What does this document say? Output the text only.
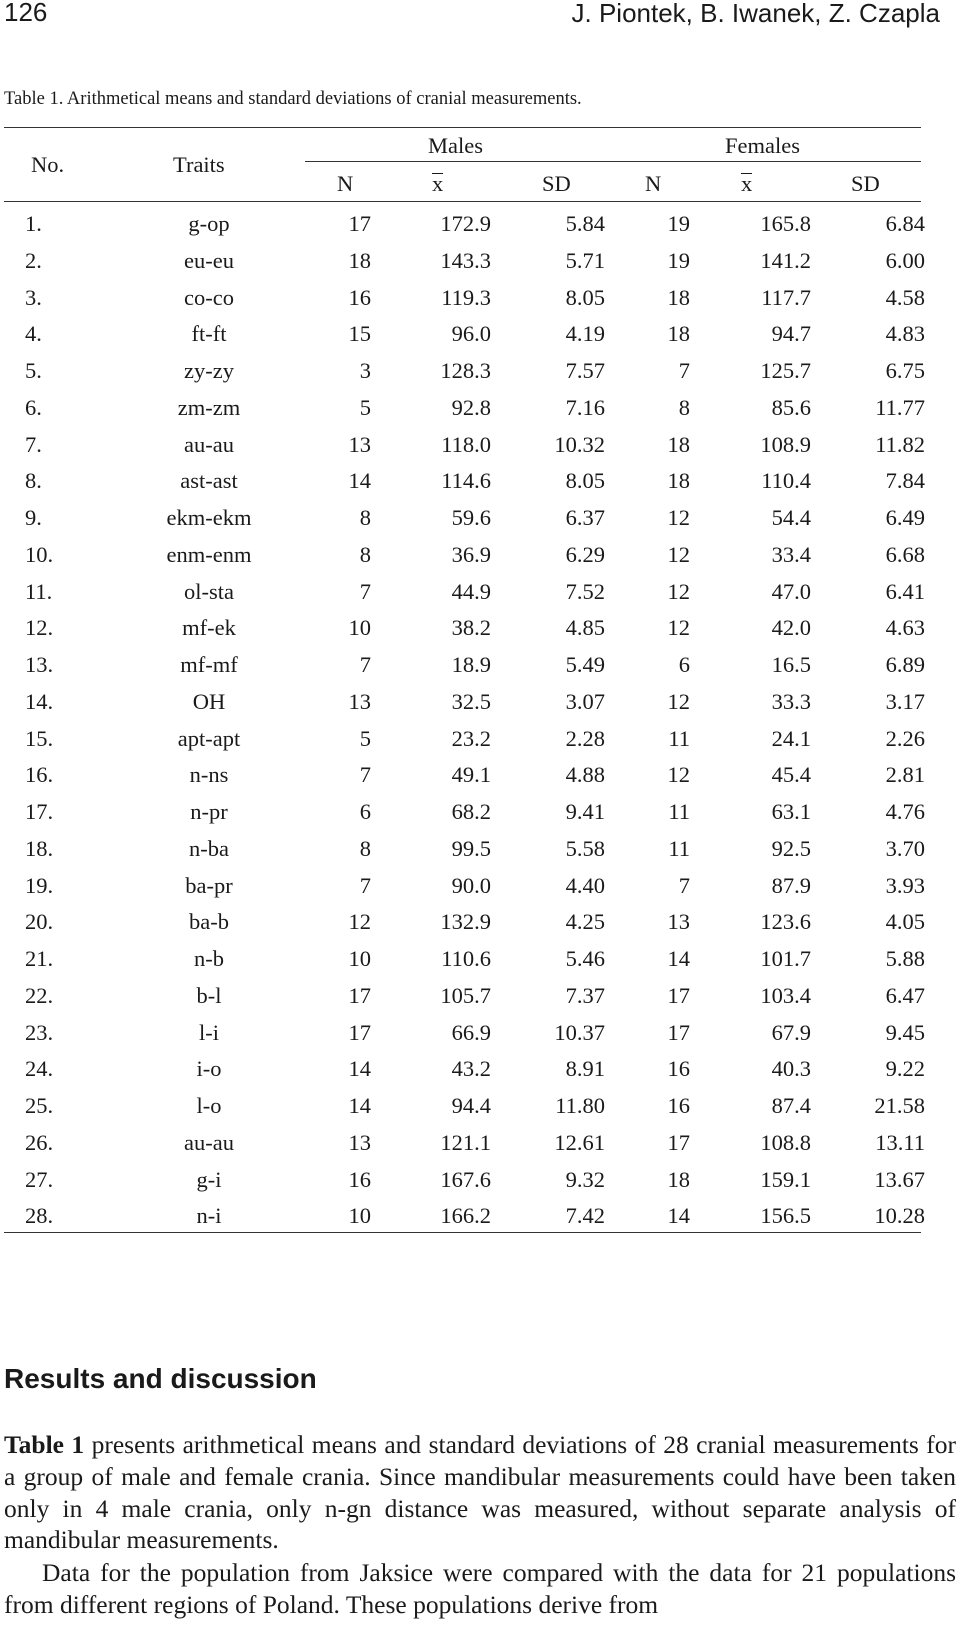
126	J. Piontek, B. Iwanek, Z. Czapla
Table 1. Arithmetical means and standard deviations of cranial measurements.
No.	Traits
Males	Females
N	x	SD	N	x	SD
1.	g-op	17	172.9	5.84	19	165.8	6.84
2.	eu-eu	18	143.3	5.71	19	141.2	6.00
3.	co-co	16	119.3	8.05	18	117.7	4.58
4.	ft-ft	15	96.0	4.19	18	94.7	4.83
5.	zy-zy	3	128.3	7.57	7	125.7	6.75
6.	zm-zm	5	92.8	7.16	8	85.6	11.77
7.	au-au	13	118.0	10.32	18	108.9	11.82
8.	ast-ast	14	114.6	8.05	18	110.4	7.84
9.	ekm-ekm	8	59.6	6.37	12	54.4	6.49
10.	enm-enm	8	36.9	6.29	12	33.4	6.68
11.	ol-sta	7	44.9	7.52	12	47.0	6.41
12.	mf-ek	10	38.2	4.85	12	42.0	4.63
13.	mf-mf	7	18.9	5.49	6	16.5	6.89
14.	OH	13	32.5	3.07	12	33.3	3.17
15.	apt-apt	5	23.2	2.28	11	24.1	2.26
16.	n-ns	7	49.1	4.88	12	45.4	2.81
17.	n-pr	6	68.2	9.41	11	63.1	4.76
18.	n-ba	8	99.5	5.58	11	92.5	3.70
19.	ba-pr	7	90.0	4.40	7	87.9	3.93
20.	ba-b	12	132.9	4.25	13	123.6	4.05
21.	n-b	10	110.6	5.46	14	101.7	5.88
22.	b-l	17	105.7	7.37	17	103.4	6.47
23.	l-i	17	66.9	10.37	17	67.9	9.45
24.	i-o	14	43.2	8.91	16	40.3	9.22
25.	l-o	14	94.4	11.80	16	87.4	21.58
26.	au-au	13	121.1	12.61	17	108.8	13.11
27.	g-i	16	167.6	9.32	18	159.1	13.67
28.	n-i	10	166.2	7.42	14	156.5	10.28
Results and discussion

Table 1 presents arithmetical means and standard deviations of 28 cranial measurements for a group of male and female crania. Since mandibular measurements could have been taken only in 4 male crania, only n-gn distance was measured, without separate analysis of mandibular measurements.

Data for the population from Jaksice were compared with the data for 21 populations from different regions of Poland. These populations derive from
